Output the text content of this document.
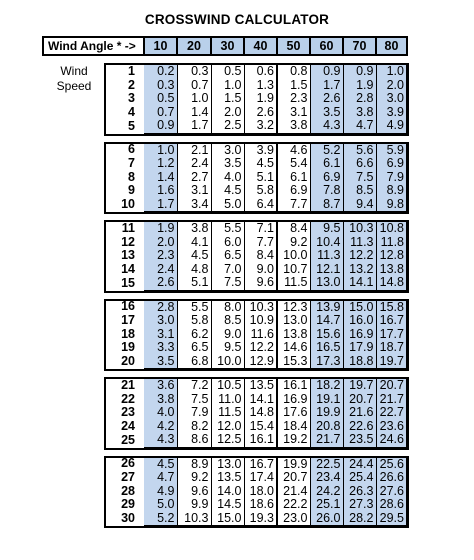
CROSSWIND CALCULATOR
Wind Angle * ->	10	20	30	40	50	60	70	80

1	0.2	0.3	0.5	0.6	0.8	0.9	0.9	1.0
2	0.3	0.7	1.0	1.3	1.5	1.7	1.9	2.0
3	0.5	1.0	1.5	1.9	2.3	2.6	2.8	3.0
4	0.7	1.4	2.0	2.6	3.1	3.5	3.8	3.9
5	0.9	1.7	2.5	3.2	3.8	4.3	4.7	4.9

6	1.0	2.1	3.0	3.9	4.6	5.2	5.6	5.9
7	1.2	2.4	3.5	4.5	5.4	6.1	6.6	6.9
8	1.4	2.7	4.0	5.1	6.1	6.9	7.5	7.9
9	1.6	3.1	4.5	5.8	6.9	7.8	8.5	8.9
10	1.7	3.4	5.0	6.4	7.7	8.7	9.4	9.8

11	1.9	3.8	5.5	7.1	8.4	9.5	10.3	10.8
12	2.0	4.1	6.0	7.7	9.2	10.4	11.3	11.8
13	2.3	4.5	6.5	8.4	10.0	11.3	12.2	12.8
14	2.4	4.8	7.0	9.0	10.7	12.1	13.2	13.8
15	2.6	5.1	7.5	9.6	11.5	13.0	14.1	14.8

16	2.8	5.5	8.0	10.3	12.3	13.9	15.0	15.8
17	3.0	5.8	8.5	10.9	13.0	14.7	16.0	16.7
18	3.1	6.2	9.0	11.6	13.8	15.6	16.9	17.7
19	3.3	6.5	9.5	12.2	14.6	16.5	17.9	18.7
20	3.5	6.8	10.0	12.9	15.3	17.3	18.8	19.7

21	3.6	7.2	10.5	13.5	16.1	18.2	19.7	20.7
22	3.8	7.5	11.0	14.1	16.9	19.1	20.7	21.7
23	4.0	7.9	11.5	14.8	17.6	19.9	21.6	22.7
24	4.2	8.2	12.0	15.4	18.4	20.8	22.6	23.6
25	4.3	8.6	12.5	16.1	19.2	21.7	23.5	24.6

26	4.5	8.9	13.0	16.7	19.9	22.5	24.4	25.6
27	4.7	9.2	13.5	17.4	20.7	23.4	25.4	26.6
28	4.9	9.6	14.0	18.0	21.4	24.2	26.3	27.6
29	5.0	9.9	14.5	18.6	22.2	25.1	27.3	28.6
30	5.2	10.3	15.0	19.3	23.0	26.0	28.2	29.5
Wind
Speed
